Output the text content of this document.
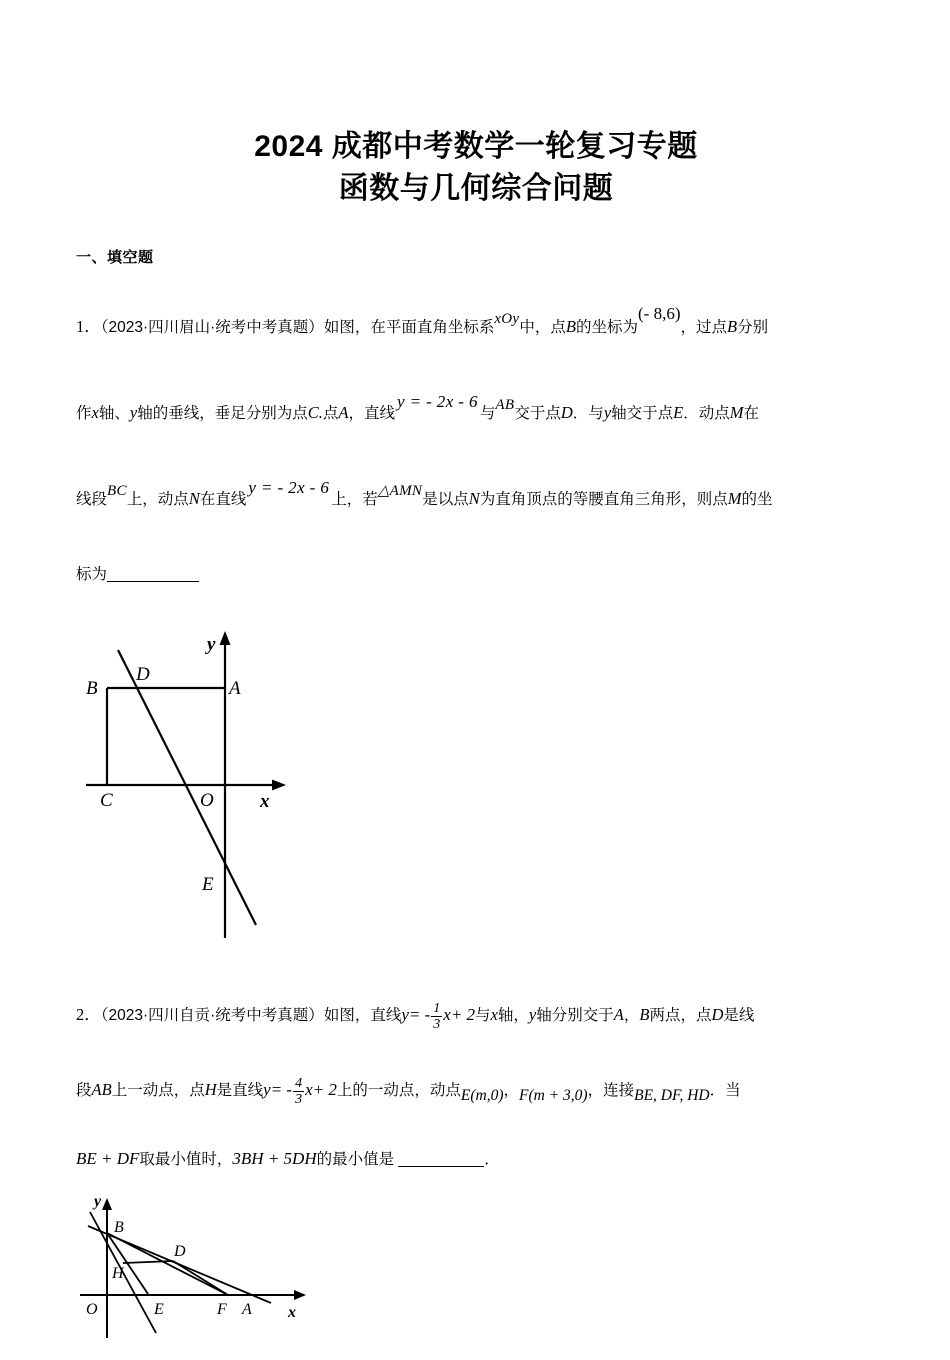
2024 成都中考数学一轮复习专题
函数与几何综合问题
一、填空题
1．（2023·四川眉山·统考中考真题）如图，在平面直角坐标系xOy中，点B的坐标为(- 8,6)，过点B分别
作x轴、y轴的垂线，垂足分别为点C.点A，直线y = - 2x - 6与AB交于点D．与y轴交于点E．动点M在
线段BC上，动点N在直线y = - 2x - 6上，若△AMN是以点N为直角顶点的等腰直角三角形，则点M的坐
标为
B	A
C	O
D
E
x
y
2．（2023·四川自贡·统考中考真题）如图，直线$y= - \frac{1}{3} x+ 2$与x轴，y轴分别交于A，B两点，点D是线
段AB上一动点，点H是直线$y= - \frac{4}{3} x+ 2$上的一动点，动点E(m,0)，F(m + 3,0)，连接BE, DF, HD．当
BE + DF取最小值时，3BH + 5DH的最小值是	．
y
x
B
H
D
O	E	F A
